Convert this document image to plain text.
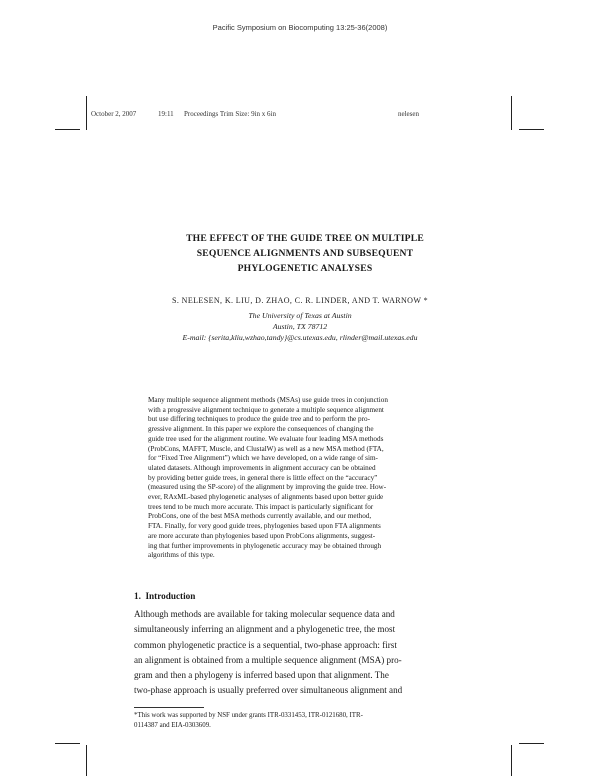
Pacific Symposium on Biocomputing 13:25-36(2008)
October 2, 2007	19:11 Proceedings Trim Size: 9in x 6in	nelesen
THE EFFECT OF THE GUIDE TREE ON MULTIPLE
SEQUENCE ALIGNMENTS AND SUBSEQUENT
PHYLOGENETIC ANALYSES
S. NELESEN, K. LIU, D. ZHAO, C. R. LINDER, AND T. WARNOW *
The University of Texas at Austin
Austin, TX 78712
E-mail: {serita,kliu,wzhao,tandy}@cs.utexas.edu, rlinder@mail.utexas.edu

Many multiple sequence alignment methods (MSAs) use guide trees in conjunction

with a progressive alignment technique to generate a multiple sequence alignment

but use differing techniques to produce the guide tree and to perform the pro-

gressive alignment. In this paper we explore the consequences of changing the

guide tree used for the alignment routine. We evaluate four leading MSA methods

(ProbCons, MAFFT, Muscle, and ClustalW) as well as a new MSA method (FTA,

for “Fixed Tree Alignment”) which we have developed, on a wide range of sim-

ulated datasets. Although improvements in alignment accuracy can be obtained

by providing better guide trees, in general there is little effect on the “accuracy”

(measured using the SP-score) of the alignment by improving the guide tree. How-

ever, RAxML-based phylogenetic analyses of alignments based upon better guide

trees tend to be much more accurate. This impact is particularly significant for

ProbCons, one of the best MSA methods currently available, and our method,

FTA. Finally, for very good guide trees, phylogenies based upon FTA alignments

are more accurate than phylogenies based upon ProbCons alignments, suggest-

ing that further improvements in phylogenetic accuracy may be obtained through

algorithms of this type.

1. Introduction

Although methods are available for taking molecular sequence data and

simultaneously inferring an alignment and a phylogenetic tree, the most

common phylogenetic practice is a sequential, two-phase approach: first

an alignment is obtained from a multiple sequence alignment (MSA) pro-

gram and then a phylogeny is inferred based upon that alignment. The

two-phase approach is usually preferred over simultaneous alignment and

*This work was supported by NSF under grants ITR-0331453, ITR-0121680, ITR-
0114387 and EIA-0303609.
